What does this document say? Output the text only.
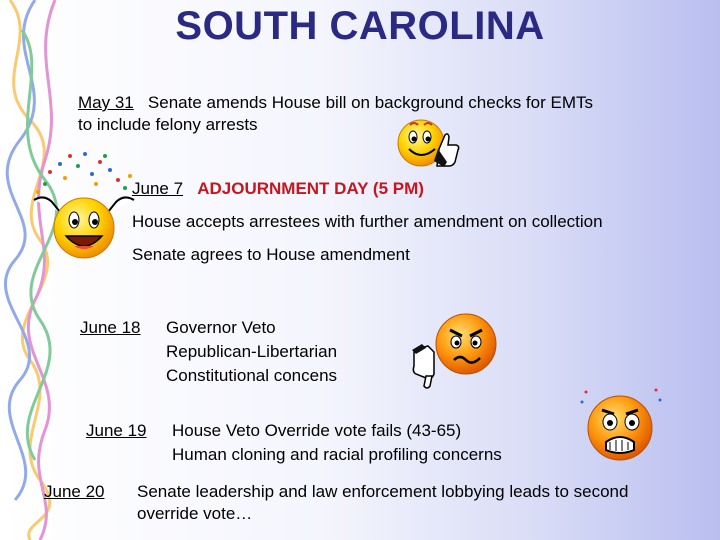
SOUTH CAROLINA
May 31 Senate amends House bill on background checks for EMTs
to include felony arrests
June 7 ADJOURNMENT DAY (5 PM)
House accepts arrestees with further amendment on collection
Senate agrees to House amendment
June 18 Governor Veto
Republican-Libertarian
Constitutional concens
June 19 House Veto Override vote fails (43-65)
Human cloning and racial profiling concerns
June 20 Senate leadership and law enforcement lobbying leads to second
override vote…
